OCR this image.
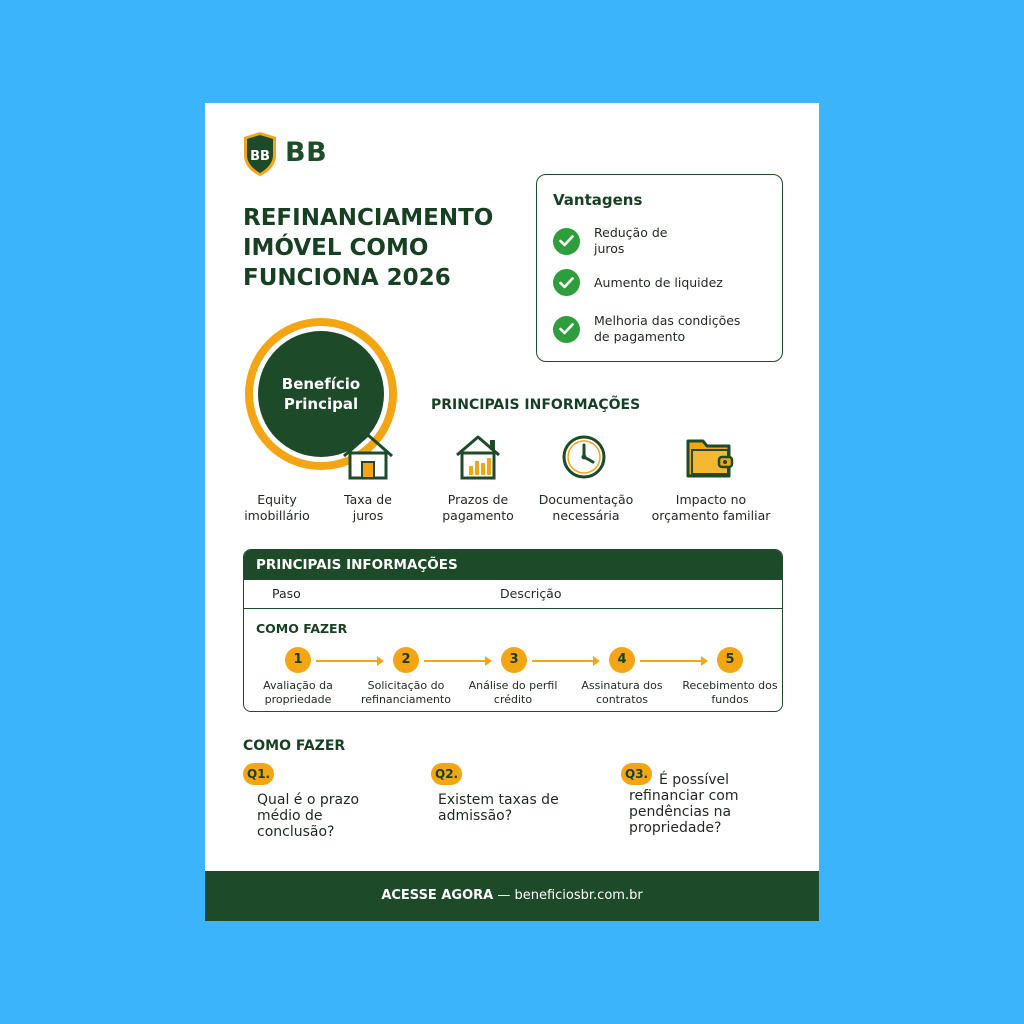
BB BB
REFINANCIAMENTO IMÓVEL COMO FUNCIONA 2026
Vantagens
Redução de juros
Aumento de liquidez
Melhoria das condições de pagamento
Benefício Principal	PRINCIPAIS INFORMAÇÕES
Equity imobillário
Taxa de juros
Prazos de pagamento
Documentação necessária
Impacto no orçamento familiar
PRINCIPAIS INFORMAÇÕES
Paso	Descrição
COMO FAZER
1	2	3	4	5
Avaliação da propriedade
Solicitação do refinanciamento
Análise do perfil crédito
Assinatura dos contratos
Recebimento dos fundos
COMO FAZER
Q1.
Qual é o prazo médio de conclusão?
Q2.
Existem taxas de admissão?
Q3. É possível refinanciar com pendências na propriedade?
ACESSE AGORA — beneficiosbr.com.br
